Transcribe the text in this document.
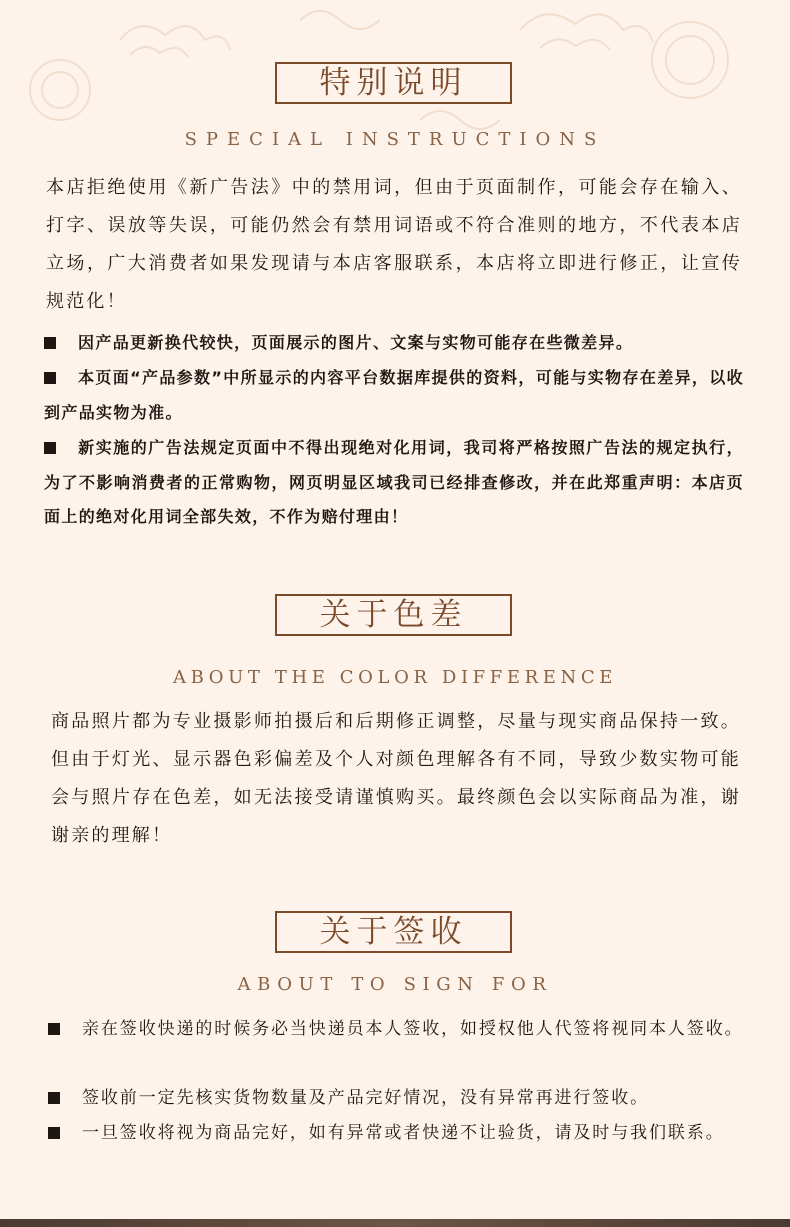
特别说明
SPECIAL INSTRUCTIONS

本店拒绝使用《新广告法》中的禁用词，但由于页面制作，可能会存在输入、打字、误放等失误，可能仍然会有禁用词语或不符合准则的地方，不代表本店立场，广大消费者如果发现请与本店客服联系，本店将立即进行修正，让宣传规范化！

因产品更新换代较快，页面展示的图片、文案与实物可能存在些微差异。

本页面“产品参数”中所显示的内容平台数据库提供的资料，可能与实物存在差异，以收到产品实物为准。

新实施的广告法规定页面中不得出现绝对化用词，我司将严格按照广告法的规定执行，为了不影响消费者的正常购物，网页明显区域我司已经排查修改，并在此郑重声明：本店页面上的绝对化用词全部失效，不作为赔付理由！

关于色差
ABOUT THE COLOR DIFFERENCE

商品照片都为专业摄影师拍摄后和后期修正调整，尽量与现实商品保持一致。但由于灯光、显示器色彩偏差及个人对颜色理解各有不同，导致少数实物可能会与照片存在色差，如无法接受请谨慎购买。最终颜色会以实际商品为准，谢谢亲的理解！

关于签收
ABOUT TO SIGN FOR

亲在签收快递的时候务必当快递员本人签收，如授权他人代签将视同本人签收。

签收前一定先核实货物数量及产品完好情况，没有异常再进行签收。

一旦签收将视为商品完好，如有异常或者快递不让验货，请及时与我们联系。
